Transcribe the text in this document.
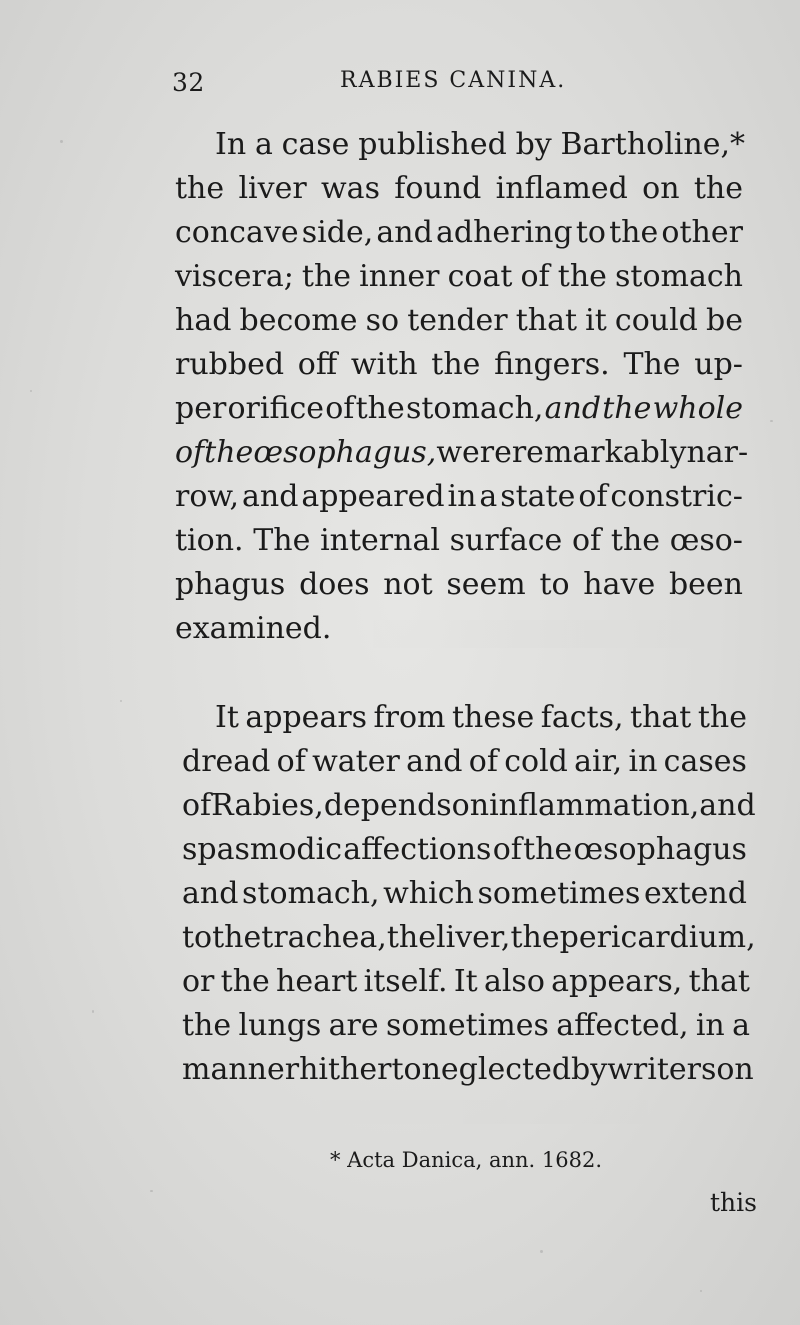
32	RABIES CANINA.
In a case published by Bartholine,*
the liver was found inflamed on the
concave side, and adhering to the other
viscera; the inner coat of the stomach
had become so tender that it could be
rubbed off with the fingers. The up-
per orifice of the stomach, and the whole
of the œsophagus, were remarkably nar-
row, and appeared in a state of constric-
tion. The internal surface of the œso-
phagus does not seem to have been
examined.
It appears from these facts, that the
dread of water and of cold air, in cases
of Rabies, depends on inflammation, and
spasmodic affections of the œsophagus
and stomach, which sometimes extend
to the trachea, the liver, the pericardium,
or the heart itself. It also appears, that
the lungs are sometimes affected, in a
manner hitherto neglected by writers on
* Acta Danica, ann. 1682.
this
